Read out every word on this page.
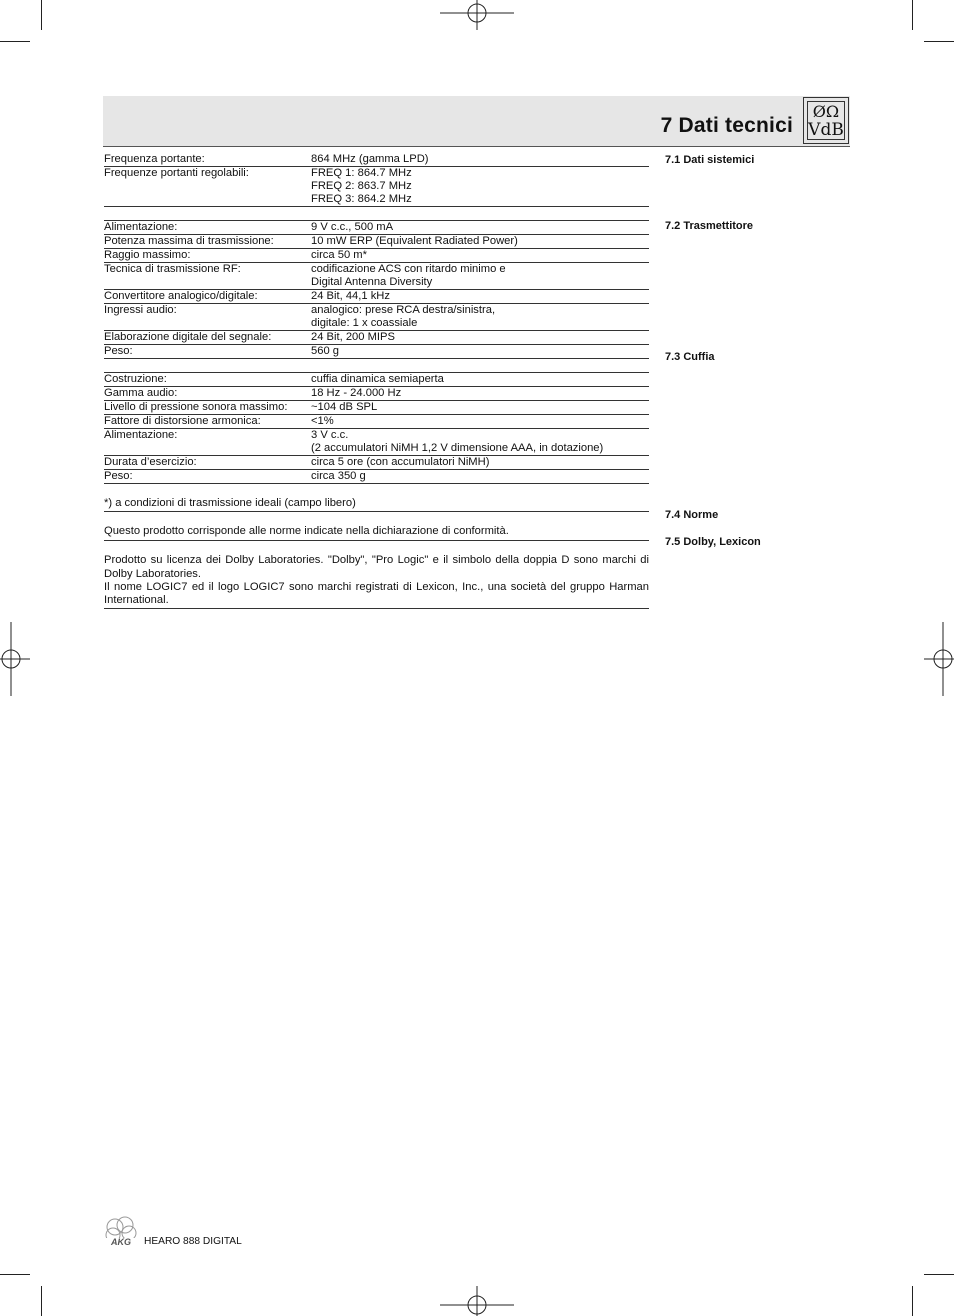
7 Dati tecnici
ØΩ
VdB
7.1 Dati sistemici
7.2 Trasmettitore
7.3 Cuffia
7.4 Norme
7.5 Dolby, Lexicon
Frequenza portante:	864 MHz (gamma LPD)
Frequenze portanti regolabili:	FREQ 1: 864.7 MHz
FREQ 2: 863.7 MHz
FREQ 3: 864.2 MHz
Alimentazione:	9 V c.c., 500 mA
Potenza massima di trasmissione:	10 mW ERP (Equivalent Radiated Power)
Raggio massimo:	circa 50 m*
Tecnica di trasmissione RF:	codificazione ACS con ritardo minimo e
Digital Antenna Diversity
Convertitore analogico/digitale:	24 Bit, 44,1 kHz
Ingressi audio:	analogico: prese RCA destra/sinistra,
digitale: 1 x coassiale
Elaborazione digitale del segnale:	24 Bit, 200 MIPS
Peso:	560 g
Costruzione:	cuffia dinamica semiaperta
Gamma audio:	18 Hz - 24.000 Hz
Livello di pressione sonora massimo:	~104 dB SPL
Fattore di distorsione armonica:	<1%
Alimentazione:	3 V c.c.
(2 accumulatori NiMH 1,2 V dimensione AAA, in dotazione)
Durata d’esercizio:	circa 5 ore (con accumulatori NiMH)
Peso:	circa 350 g
*) a condizioni di trasmissione ideali (campo libero)
Questo prodotto corrisponde alle norme indicate nella dichiarazione di conformità.
Prodotto su licenza dei Dolby Laboratories. "Dolby", "Pro Logic" e il simbolo della doppia D sono marchi di Dolby Laboratories.
Il nome LOGIC7 ed il logo LOGIC7 sono marchi registrati di Lexicon, Inc., una società del gruppo Harman International.
AKG HEARO 888 DIGITAL
